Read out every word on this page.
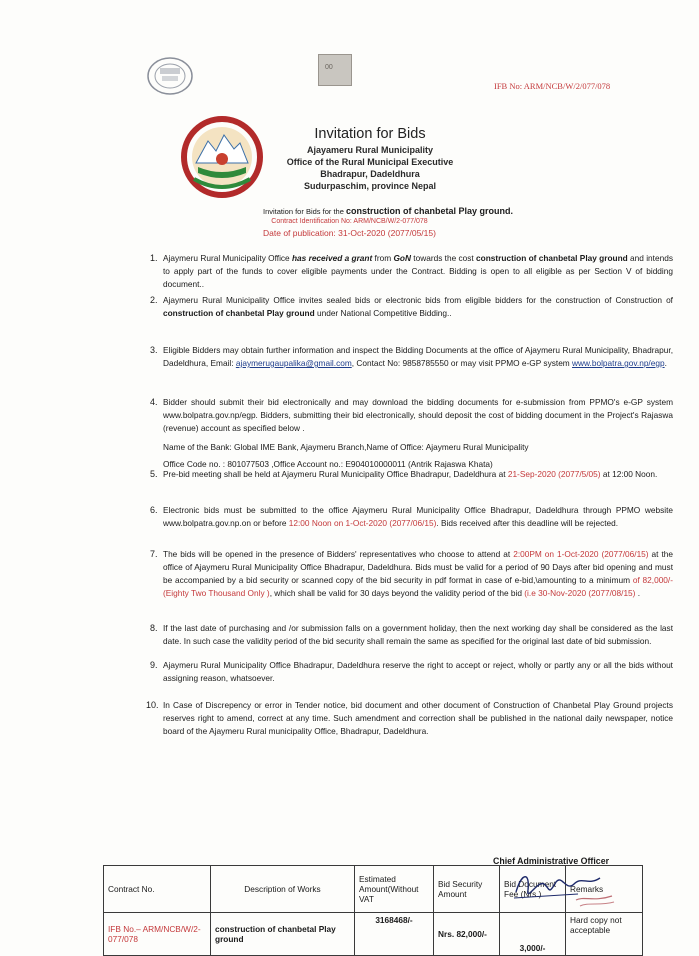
00
IFB No: ARM/NCB/W/2/077/078
Invitation for Bids
Ajayameru Rural Municipality
Office of the Rural Municipal Executive
Bhadrapur, Dadeldhura
Sudurpaschim, province Nepal
Invitation for Bids for the construction of chanbetal Play ground.
Contract Identification No: ARM/NCB/W/2-077/078
Date of publication: 31-Oct-2020 (2077/05/15)
1. Ajaymeru Rural Municipality Office has received a grant from GoN towards the cost construction of chanbetal Play ground and intends to apply part of the funds to cover eligible payments under the Contract. Bidding is open to all eligible as per Section V of bidding document..
2. Ajaymeru Rural Municipality Office invites sealed bids or electronic bids from eligible bidders for the construction of Construction of construction of chanbetal Play ground under National Competitive Bidding..
3. Eligible Bidders may obtain further information and inspect the Bidding Documents at the office of Ajaymeru Rural Municipality, Bhadrapur, Dadeldhura, Email: ajaymerugaupalika@gmail.com, Contact No: 9858785550 or may visit PPMO e-GP system www.bolpatra.gov.np/egp.
4. Bidder should submit their bid electronically and may download the bidding documents for e-submission from PPMO's e-GP system www.bolpatra.gov.np/egp. Bidders, submitting their bid electronically, should deposit the cost of bidding document in the Project's Rajaswa (revenue) account as specified below .
Name of the Bank: Global IME Bank, Ajaymeru Branch,Name of Office: Ajaymeru Rural Municipality
Office Code no. : 801077503 ,Office Account no.: E904010000011 (Antrik Rajaswa Khata)
5. Pre-bid meeting shall be held at Ajaymeru Rural Municipality Office Bhadrapur, Dadeldhura at 21-Sep-2020 (2077/5/05) at 12:00 Noon.
6. Electronic bids must be submitted to the office Ajaymeru Rural Municipality Office Bhadrapur, Dadeldhura through PPMO website www.bolpatra.gov.np.on or before 12:00 Noon on 1-Oct-2020 (2077/06/15). Bids received after this deadline will be rejected.
7. The bids will be opened in the presence of Bidders' representatives who choose to attend at 2:00PM on 1-Oct-2020 (2077/06/15) at the office of Ajaymeru Rural Municipality Office Bhadrapur, Dadeldhura. Bids must be valid for a period of 90 Days after bid opening and must be accompanied by a bid security or scanned copy of the bid security in pdf format in case of e-bid,\amounting to a minimum of 82,000/- (Eighty Two Thousand Only ), which shall be valid for 30 days beyond the validity period of the bid (i.e 30-Nov-2020 (2077/08/15) .
8. If the last date of purchasing and /or submission falls on a government holiday, then the next working day shall be considered as the last date. In such case the validity period of the bid security shall remain the same as specified for the original last date of bid submission.
9. Ajaymeru Rural Municipality Office Bhadrapur, Dadeldhura reserve the right to accept or reject, wholly or partly any or all the bids without assigning reason, whatsoever.
10. In Case of Discrepency or error in Tender notice, bid document and other document of Construction of Chanbetal Play Ground projects reserves right to amend, correct at any time. Such amendment and correction shall be published in the national daily newspaper, notice board of the Ajaymeru Rural municipality Office, Bhadrapur, Dadeldhura.
Contract No.	Description of Works	Estimated Amount(Without VAT	Bid Security Amount	Bid Document Fee (Nrs.)	Remarks
IFB No.– ARM/NCB/W/2-077/078	construction of chanbetal Play ground	3168468/-	Nrs. 82,000/-	3,000/-	Hard copy not acceptable
Chief Administrative Officer
